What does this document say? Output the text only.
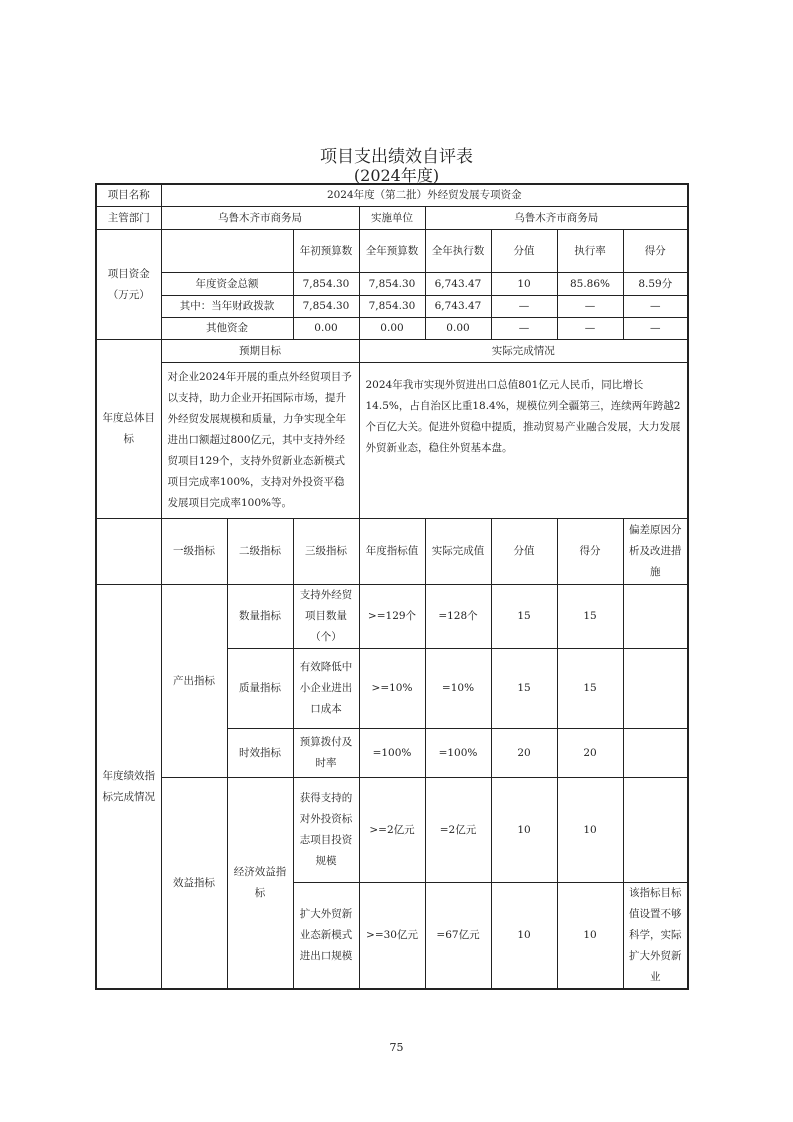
项目支出绩效自评表
(2024年度)
项目名称	2024年度（第二批）外经贸发展专项资金							
主管部门	乌鲁木齐市商务局			实施单位	乌鲁木齐市商务局			
项目资金（万元）			年初预算数	全年预算数	全年执行数	分值	执行率	得分
	年度资金总额		7,854.30	7,854.30	6,743.47	10	85.86%	8.59分
	其中：当年财政拨款		7,854.30	7,854.30	6,743.47	—	—	—
	其他资金		0.00	0.00	0.00	—	—	—
年度总体目标	预期目标			实际完成情况				
	对企业2024年开展的重点外经贸项目予以支持，助力企业开拓国际市场，提升外经贸发展规模和质量，力争实现全年进出口额超过800亿元，其中支持外经贸项目129个，支持外贸新业态新模式项目完成率100%，支持对外投资平稳发展项目完成率100%等。			2024年我市实现外贸进出口总值801亿元人民币，同比增长14.5%，占自治区比重18.4%，规模位列全疆第三，连续两年跨越2个百亿大关。促进外贸稳中提质，推动贸易产业融合发展，大力发展外贸新业态，稳住外贸基本盘。				
	一级指标	二级指标	三级指标	年度指标值	实际完成值	分值	得分	偏差原因分析及改进措施
年度绩效指标完成情况	产出指标	数量指标	支持外经贸项目数量（个）	>=129个	=128个	15	15	
		质量指标	有效降低中小企业进出口成本	>=10%	=10%	15	15	
		时效指标	预算拨付及时率	=100%	=100%	20	20	
	效益指标	经济效益指标	获得支持的对外投资标志项目投资规模	>=2亿元	=2亿元	10	10	
			扩大外贸新业态新模式进出口规模	>=30亿元	=67亿元	10	10	该指标目标值设置不够科学，实际扩大外贸新业
75
